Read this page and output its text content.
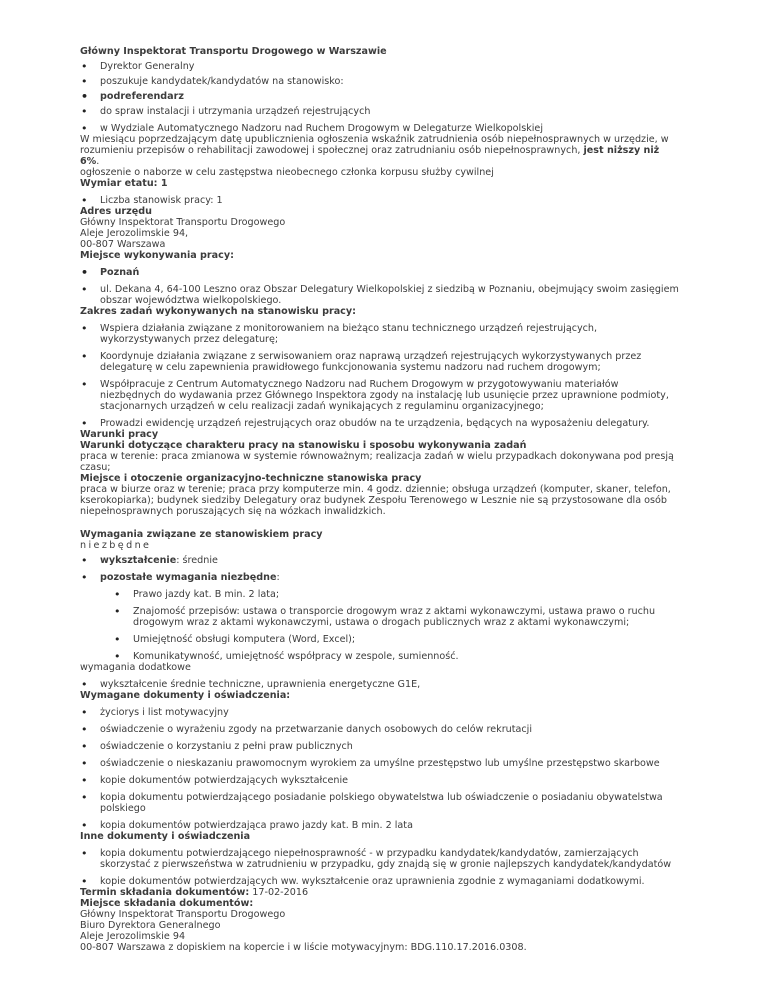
Główny Inspektorat Transportu Drogowego w Warszawie
• Dyrektor Generalny
• poszukuje kandydatek/kandydatów na stanowisko:
• podreferendarz
• do spraw instalacji i utrzymania urządzeń rejestrujących
• w Wydziale Automatycznego Nadzoru nad Ruchem Drogowym w Delegaturze Wielkopolskiej
W miesiącu poprzedzającym datę upublicznienia ogłoszenia wskaźnik zatrudnienia osób niepełnosprawnych w urzędzie, w rozumieniu przepisów o rehabilitacji zawodowej i społecznej oraz zatrudnianiu osób niepełnosprawnych, jest niższy niż 6%.
ogłoszenie o naborze w celu zastępstwa nieobecnego członka korpusu służby cywilnej
Wymiar etatu: 1
• Liczba stanowisk pracy: 1
Adres urzędu
Główny Inspektorat Transportu Drogowego
Aleje Jerozolimskie 94,
00-807 Warszawa
Miejsce wykonywania pracy:
• Poznań
• ul. Dekana 4, 64-100 Leszno oraz Obszar Delegatury Wielkopolskiej z siedzibą w Poznaniu, obejmujący swoim zasięgiem obszar województwa wielkopolskiego.
Zakres zadań wykonywanych na stanowisku pracy:
• Wspiera działania związane z monitorowaniem na bieżąco stanu technicznego urządzeń rejestrujących, wykorzystywanych przez delegaturę;
• Koordynuje działania związane z serwisowaniem oraz naprawą urządzeń rejestrujących wykorzystywanych przez delegaturę w celu zapewnienia prawidłowego funkcjonowania systemu nadzoru nad ruchem drogowym;
• Współpracuje z Centrum Automatycznego Nadzoru nad Ruchem Drogowym w przygotowywaniu materiałów niezbędnych do wydawania przez Głównego Inspektora zgody na instalację lub usunięcie przez uprawnione podmioty, stacjonarnych urządzeń w celu realizacji zadań wynikających z regulaminu organizacyjnego;
• Prowadzi ewidencję urządzeń rejestrujących oraz obudów na te urządzenia, będących na wyposażeniu delegatury.
Warunki pracy
Warunki dotyczące charakteru pracy na stanowisku i sposobu wykonywania zadań
praca w terenie: praca zmianowa w systemie równoważnym; realizacja zadań w wielu przypadkach dokonywana pod presją czasu;
Miejsce i otoczenie organizacyjno-techniczne stanowiska pracy
praca w biurze oraz w terenie; praca przy komputerze min. 4 godz. dziennie; obsługa urządzeń (komputer, skaner, telefon, kserokopiarka); budynek siedziby Delegatury oraz budynek Zespołu Terenowego w Lesznie nie są przystosowane dla osób niepełnosprawnych poruszających się na wózkach inwalidzkich.
Wymagania związane ze stanowiskiem pracy
niezbędne
• wykształcenie: średnie
• pozostałe wymagania niezbędne:
• Prawo jazdy kat. B min. 2 lata;
• Znajomość przepisów: ustawa o transporcie drogowym wraz z aktami wykonawczymi, ustawa prawo o ruchu drogowym wraz z aktami wykonawczymi, ustawa o drogach publicznych wraz z aktami wykonawczymi;
• Umiejętność obsługi komputera (Word, Excel);
• Komunikatywność, umiejętność współpracy w zespole, sumienność.
wymagania dodatkowe
• wykształcenie średnie techniczne, uprawnienia energetyczne G1E,
Wymagane dokumenty i oświadczenia:
• życiorys i list motywacyjny
• oświadczenie o wyrażeniu zgody na przetwarzanie danych osobowych do celów rekrutacji
• oświadczenie o korzystaniu z pełni praw publicznych
• oświadczenie o nieskazaniu prawomocnym wyrokiem za umyślne przestępstwo lub umyślne przestępstwo skarbowe
• kopie dokumentów potwierdzających wykształcenie
• kopia dokumentu potwierdzającego posiadanie polskiego obywatelstwa lub oświadczenie o posiadaniu obywatelstwa polskiego
• kopia dokumentów potwierdzająca prawo jazdy kat. B min. 2 lata
Inne dokumenty i oświadczenia
• kopia dokumentu potwierdzającego niepełnosprawność - w przypadku kandydatek/kandydatów, zamierzających skorzystać z pierwszeństwa w zatrudnieniu w przypadku, gdy znajdą się w gronie najlepszych kandydatek/kandydatów
• kopie dokumentów potwierdzających ww. wykształcenie oraz uprawnienia zgodnie z wymaganiami dodatkowymi.
Termin składania dokumentów: 17-02-2016
Miejsce składania dokumentów:
Główny Inspektorat Transportu Drogowego
Biuro Dyrektora Generalnego
Aleje Jerozolimskie 94
00-807 Warszawa z dopiskiem na kopercie i w liście motywacyjnym: BDG.110.17.2016.0308.
